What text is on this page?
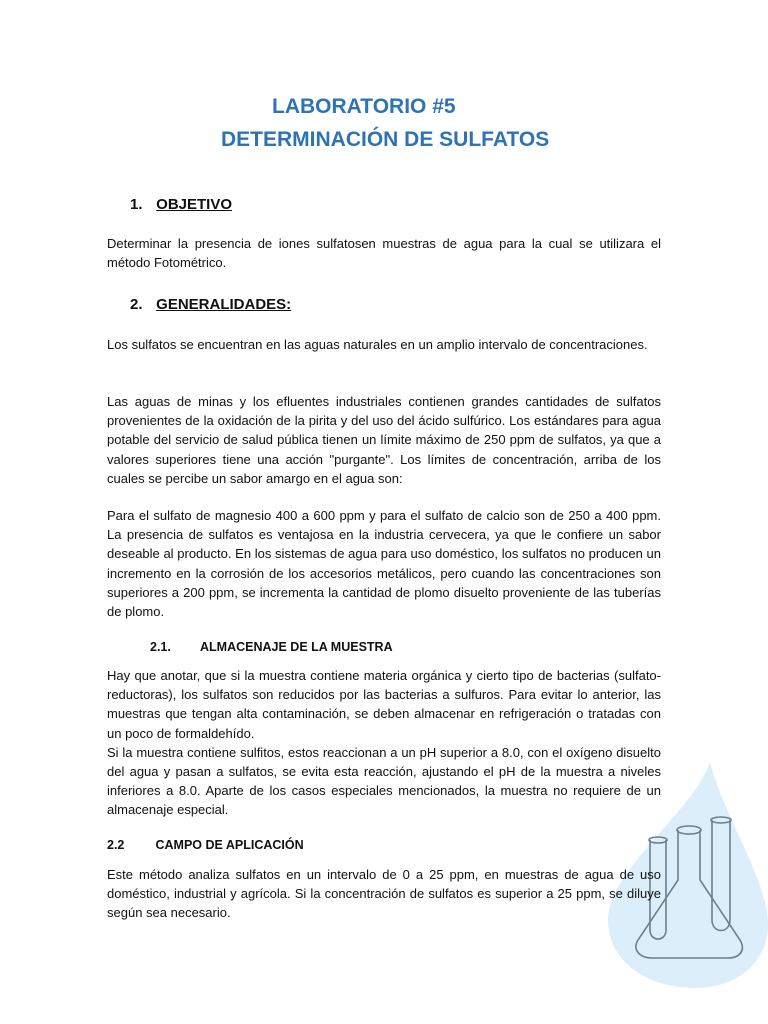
LABORATORIO #5
DETERMINACIÓN DE SULFATOS
1. OBJETIVO

Determinar la presencia de iones sulfatosen muestras de agua para la cual se utilizara el método Fotométrico.

2. GENERALIDADES:

Los sulfatos se encuentran en las aguas naturales en un amplio intervalo de concentraciones.

Las aguas de minas y los efluentes industriales contienen grandes cantidades de sulfatos provenientes de la oxidación de la pirita y del uso del ácido sulfúrico. Los estándares para agua potable del servicio de salud pública tienen un límite máximo de 250 ppm de sulfatos, ya que a valores superiores tiene una acción "purgante". Los límites de concentración, arriba de los cuales se percibe un sabor amargo en el agua son:

Para el sulfato de magnesio 400 a 600 ppm y para el sulfato de calcio son de 250 a 400 ppm. La presencia de sulfatos es ventajosa en la industria cervecera, ya que le confiere un sabor deseable al producto. En los sistemas de agua para uso doméstico, los sulfatos no producen un incremento en la corrosión de los accesorios metálicos, pero cuando las concentraciones son superiores a 200 ppm, se incrementa la cantidad de plomo disuelto proveniente de las tuberías de plomo.

2.1. ALMACENAJE DE LA MUESTRA

Hay que anotar, que si la muestra contiene materia orgánica y cierto tipo de bacterias (sulfato-reductoras), los sulfatos son reducidos por las bacterias a sulfuros. Para evitar lo anterior, las muestras que tengan alta contaminación, se deben almacenar en refrigeración o tratadas con un poco de formaldehído.

Si la muestra contiene sulfitos, estos reaccionan a un pH superior a 8.0, con el oxígeno disuelto del agua y pasan a sulfatos, se evita esta reacción, ajustando el pH de la muestra a niveles inferiores a 8.0. Aparte de los casos especiales mencionados, la muestra no requiere de un almacenaje especial.

2.2 CAMPO DE APLICACIÓN

Este método analiza sulfatos en un intervalo de 0 a 25 ppm, en muestras de agua de uso doméstico, industrial y agrícola. Si la concentración de sulfatos es superior a 25 ppm, se diluye según sea necesario.
